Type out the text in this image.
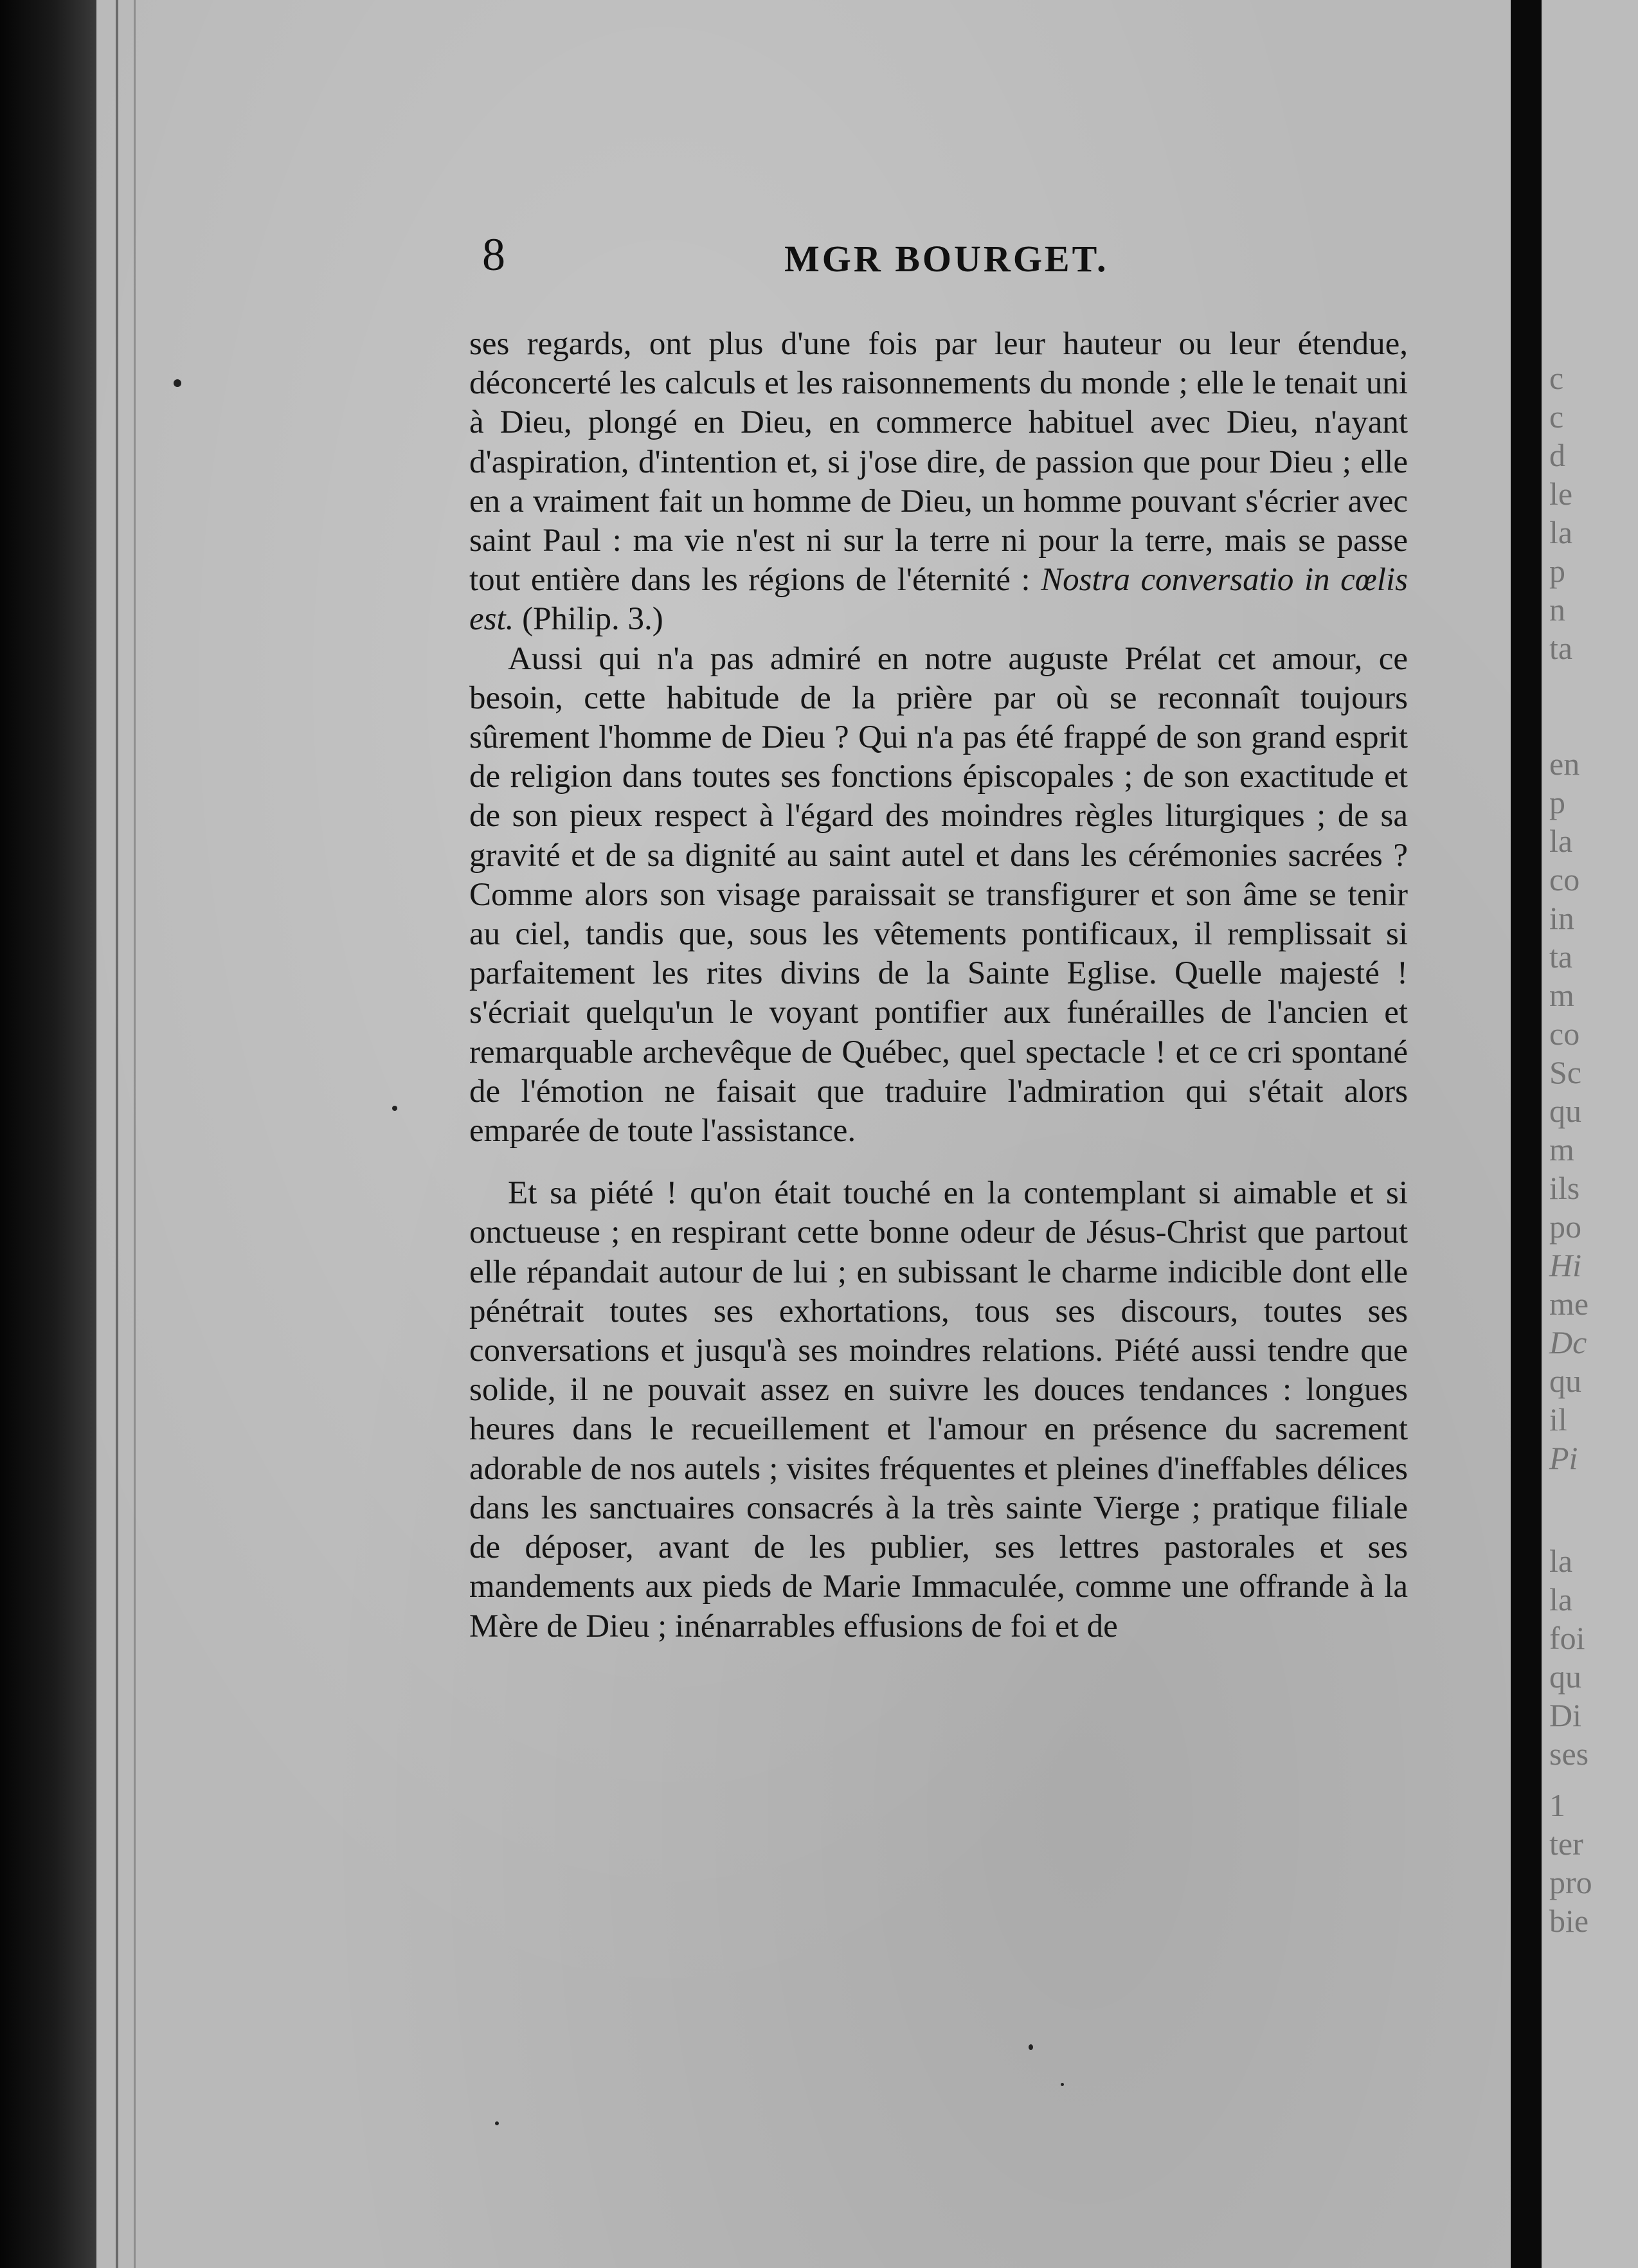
8	MGR BOURGET.

ses regards, ont plus d'une fois par leur hauteur ou leur étendue, déconcerté les calculs et les raisonnements du monde ; elle le tenait uni à Dieu, plongé en Dieu, en commerce habituel avec Dieu, n'ayant d'aspiration, d'intention et, si j'ose dire, de passion que pour Dieu ; elle en a vraiment fait un homme de Dieu, un homme pouvant s'écrier avec saint Paul : ma vie n'est ni sur la terre ni pour la terre, mais se passe tout entière dans les régions de l'éternité : Nostra conversatio in cœlis est. (Philip. 3.)

Aussi qui n'a pas admiré en notre auguste Prélat cet amour, ce besoin, cette habitude de la prière par où se reconnaît toujours sûrement l'homme de Dieu ? Qui n'a pas été frappé de son grand esprit de religion dans toutes ses fonctions épiscopales ; de son exactitude et de son pieux respect à l'égard des moindres règles liturgiques ; de sa gravité et de sa dignité au saint autel et dans les cérémonies sacrées ? Comme alors son visage paraissait se transfigurer et son âme se tenir au ciel, tandis que, sous les vêtements pontificaux, il remplissait si parfaitement les rites divins de la Sainte Eglise. Quelle majesté ! s'écriait quelqu'un le voyant pontifier aux funérailles de l'ancien et remarquable archevêque de Québec, quel spectacle ! et ce cri spontané de l'émotion ne faisait que traduire l'admiration qui s'était alors emparée de toute l'assistance.

Et sa piété ! qu'on était touché en la contemplant si aimable et si onctueuse ; en respirant cette bonne odeur de Jésus-Christ que partout elle répandait autour de lui ; en subissant le charme indicible dont elle pénétrait toutes ses exhortations, tous ses discours, toutes ses conversations et jusqu'à ses moindres relations. Piété aussi tendre que solide, il ne pouvait assez en suivre les douces tendances : longues heures dans le recueillement et l'amour en présence du sacrement adorable de nos autels ; visites fréquentes et pleines d'ineffables délices dans les sanctuaires consacrés à la très sainte Vierge ; pratique filiale de déposer, avant de les publier, ses lettres pastorales et ses mandements aux pieds de Marie Immaculée, comme une offrande à la Mère de Dieu ; inénarrables effusions de foi et de

c
c
d
le
la
p
n
ta
en
p
la
co
in
ta
m
co
Sc
qu
m
ils
po
Hi
me
Dc
qu
il
Pi
la
la
foi
qu
Di
ses
1
ter
pro
bie
